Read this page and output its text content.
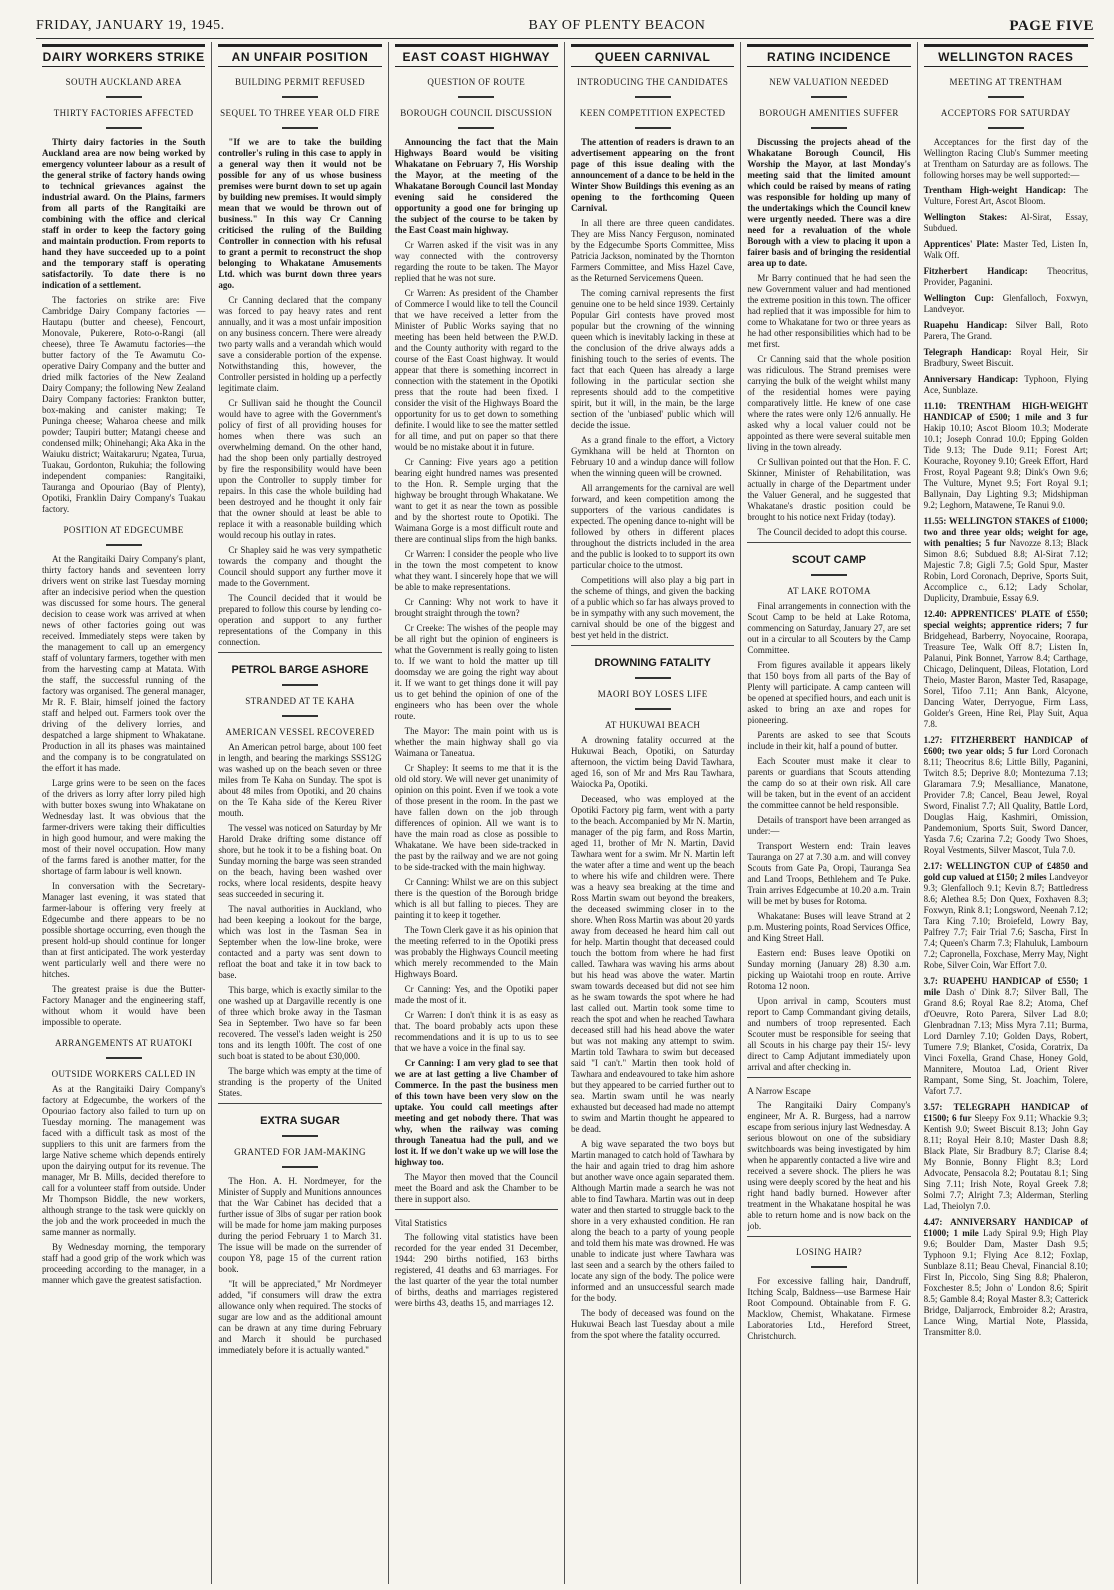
FRIDAY, JANUARY 19, 1945.	BAY OF PLENTY BEACON	PAGE FIVE
DAIRY WORKERS STRIKE
SOUTH AUCKLAND AREA
THIRTY FACTORIES AFFECTED

Thirty dairy factories in the South Auckland area are now being worked by emergency volunteer labour as a result of the general strike of factory hands owing to technical grievances against the industrial award. On the Plains, farmers from all parts of the Rangitaiki are combining with the office and clerical staff in order to keep the factory going and maintain production. From reports to hand they have succeeded up to a point and the temporary staff is operating satisfactorily. To date there is no indication of a settlement.

The factories on strike are: Five Cambridge Dairy Company factories —Hautapu (butter and cheese), Fencourt, Monovale, Pukerere, Roto-o-Rangi (all cheese), three Te Awamutu factories—the butter factory of the Te Awamutu Co-operative Dairy Company and the butter and dried milk factories of the New Zealand Dairy Company; the following New Zealand Dairy Company factories: Frankton butter, box-making and canister making; Te Puninga cheese; Waharoa cheese and milk powder; Taupiri butter; Matangi cheese and condensed milk; Ohinehangi; Aka Aka in the Waiuku district; Waitakaruru; Ngatea, Turua, Tuakau, Gordonton, Rukuhia; the following independent companies: Rangitaiki, Tauranga and Opouriao (Bay of Plenty), Opotiki, Franklin Dairy Company's Tuakau factory.

POSITION AT EDGECUMBE

At the Rangitaiki Dairy Company's plant, thirty factory hands and seventeen lorry drivers went on strike last Tuesday morning after an indecisive period when the question was discussed for some hours. The general decision to cease work was arrived at when news of other factories going out was received. Immediately steps were taken by the management to call up an emergency staff of voluntary farmers, together with men from the harvesting camp at Matata. With the staff, the successful running of the factory was organised. The general manager, Mr R. F. Blair, himself joined the factory staff and helped out. Farmers took over the driving of the delivery lorries, and despatched a large shipment to Whakatane. Production in all its phases was maintained and the company is to be congratulated on the effort it has made.

Large grins were to be seen on the faces of the drivers as lorry after lorry piled high with butter boxes swung into Whakatane on Wednesday last. It was obvious that the farmer-drivers were taking their difficulties in high good humour, and were making the most of their novel occupation. How many of the farms fared is another matter, for the shortage of farm labour is well known.

In conversation with the Secretary-Manager last evening, it was stated that farmer-labour is offering very freely at Edgecumbe and there appears to be no possible shortage occurring, even though the present hold-up should continue for longer than at first anticipated. The work yesterday went particularly well and there were no hitches.

The greatest praise is due the Butter-Factory Manager and the engineering staff, without whom it would have been impossible to operate.

ARRANGEMENTS AT RUATOKI
OUTSIDE WORKERS CALLED IN

As at the Rangitaiki Dairy Company's factory at Edgecumbe, the workers of the Opouriao factory also failed to turn up on Tuesday morning. The management was faced with a difficult task as most of the suppliers to this unit are farmers from the large Native scheme which depends entirely upon the dairying output for its revenue. The manager, Mr B. Mills, decided therefore to call for a volunteer staff from outside. Under Mr Thompson Biddle, the new workers, although strange to the task were quickly on the job and the work proceeded in much the same manner as normally.

By Wednesday morning, the temporary staff had a good grip of the work which was proceeding according to the manager, in a manner which gave the greatest satisfaction.

AN UNFAIR POSITION
BUILDING PERMIT REFUSED
SEQUEL TO THREE YEAR OLD FIRE

"If we are to take the building controller's ruling in this case to apply in a general way then it would not be possible for any of us whose business premises were burnt down to set up again by building new premises. It would simply mean that we would be thrown out of business." In this way Cr Canning criticised the ruling of the Building Controller in connection with his refusal to grant a permit to reconstruct the shop belonging to Whakatane Amusements Ltd. which was burnt down three years ago.

Cr Canning declared that the company was forced to pay heavy rates and rent annually, and it was a most unfair imposition on any business concern. There were already two party walls and a verandah which would save a considerable portion of the expense. Notwithstanding this, however, the Controller persisted in holding up a perfectly legitimate claim.

Cr Sullivan said he thought the Council would have to agree with the Government's policy of first of all providing houses for homes when there was such an overwhelming demand. On the other hand, had the shop been only partially destroyed by fire the responsibility would have been upon the Controller to supply timber for repairs. In this case the whole building had been destroyed and he thought it only fair that the owner should at least be able to replace it with a reasonable building which would recoup his outlay in rates.

Cr Shapley said he was very sympathetic towards the company and thought the Council should support any further move it made to the Government.

The Council decided that it would be prepared to follow this course by lending co-operation and support to any further representations of the Company in this connection.

PETROL BARGE ASHORE
STRANDED AT TE KAHA
AMERICAN VESSEL RECOVERED

An American petrol barge, about 100 feet in length, and bearing the markings SSS12G was washed up on the beach seven or three miles from Te Kaha on Sunday. The spot is about 48 miles from Opotiki, and 20 chains on the Te Kaha side of the Kereu River mouth.

The vessel was noticed on Saturday by Mr Harold Drake drifting some distance off shore, but he took it to be a fishing boat. On Sunday morning the barge was seen stranded on the beach, having been washed over rocks, where local residents, despite heavy seas succeeded in securing it.

The naval authorities in Auckland, who had been keeping a lookout for the barge, which was lost in the Tasman Sea in September when the low-line broke, were contacted and a party was sent down to refloat the boat and take it in tow back to base.

This barge, which is exactly similar to the one washed up at Dargaville recently is one of three which broke away in the Tasman Sea in September. Two have so far been recovered. The vessel's laden weight is 250 tons and its length 100ft. The cost of one such boat is stated to be about £30,000.

The barge which was empty at the time of stranding is the property of the United States.

EXTRA SUGAR
GRANTED FOR JAM-MAKING

The Hon. A. H. Nordmeyer, for the Minister of Supply and Munitions announces that the War Cabinet has decided that a further issue of 3lbs of sugar per ration book will be made for home jam making purposes during the period February 1 to March 31. The issue will be made on the surrender of coupon Y8, page 15 of the current ration book.

"It will be appreciated," Mr Nordmeyer added, "if consumers will draw the extra allowance only when required. The stocks of sugar are low and as the additional amount can be drawn at any time during February and March it should be purchased immediately before it is actually wanted."

EAST COAST HIGHWAY
QUESTION OF ROUTE
BOROUGH COUNCIL DISCUSSION

Announcing the fact that the Main Highways Board would be visiting Whakatane on February 7, His Worship the Mayor, at the meeting of the Whakatane Borough Council last Monday evening said he considered the opportunity a good one for bringing up the subject of the course to be taken by the East Coast main highway.

Cr Warren asked if the visit was in any way connected with the controversy regarding the route to be taken. The Mayor replied that he was not sure.

Cr Warren: As president of the Chamber of Commerce I would like to tell the Council that we have received a letter from the Minister of Public Works saying that no meeting has been held between the P.W.D. and the County authority with regard to the course of the East Coast highway. It would appear that there is something incorrect in connection with the statement in the Opotiki press that the route had been fixed. I consider the visit of the Highways Board the opportunity for us to get down to something definite. I would like to see the matter settled for all time, and put on paper so that there would be no mistake about it in future.

Cr Canning: Five years ago a petition bearing eight hundred names was presented to the Hon. R. Semple urging that the highway be brought through Whakatane. We want to get it as near the town as possible and by the shortest route to Opotiki. The Waimana Gorge is a most difficult route and there are continual slips from the high banks.

Cr Warren: I consider the people who live in the town the most competent to know what they want. I sincerely hope that we will be able to make representations.

Cr Canning: Why not work to have it brought straight through the town?

Cr Creeke: The wishes of the people may be all right but the opinion of engineers is what the Government is really going to listen to. If we want to hold the matter up till doomsday we are going the right way about it. If we want to get things done it will pay us to get behind the opinion of one of the engineers who has been over the whole route.

The Mayor: The main point with us is whether the main highway shall go via Waimana or Taneatua.

Cr Shapley: It seems to me that it is the old old story. We will never get unanimity of opinion on this point. Even if we took a vote of those present in the room. In the past we have fallen down on the job through differences of opinion. All we want is to have the main road as close as possible to Whakatane. We have been side-tracked in the past by the railway and we are not going to be side-tracked with the main highway.

Cr Canning: Whilst we are on this subject there is the question of the Borough bridge which is all but falling to pieces. They are painting it to keep it together.

The Town Clerk gave it as his opinion that the meeting referred to in the Opotiki press was probably the Highways Council meeting which merely recommended to the Main Highways Board.

Cr Canning: Yes, and the Opotiki paper made the most of it.

Cr Warren: I don't think it is as easy as that. The board probably acts upon these recommendations and it is up to us to see that we have a voice in the final say.

Cr Canning: I am very glad to see that we are at last getting a live Chamber of Commerce. In the past the business men of this town have been very slow on the uptake. You could call meetings after meeting and get nobody there. That was why, when the railway was coming through Taneatua had the pull, and we lost it. If we don't wake up we will lose the highway too.

The Mayor then moved that the Council meet the Board and ask the Chamber to be there in support also.

Vital Statistics

The following vital statistics have been recorded for the year ended 31 December, 1944: 290 births notified, 163 births registered, 41 deaths and 63 marriages. For the last quarter of the year the total number of births, deaths and marriages registered were births 43, deaths 15, and marriages 12.

QUEEN CARNIVAL
INTRODUCING THE CANDIDATES
KEEN COMPETITION EXPECTED

The attention of readers is drawn to an advertisement appearing on the front page of this issue dealing with the announcement of a dance to be held in the Winter Show Buildings this evening as an opening to the forthcoming Queen Carnival.

In all there are three queen candidates. They are Miss Nancy Ferguson, nominated by the Edgecumbe Sports Committee, Miss Patricia Jackson, nominated by the Thornton Farmers Committee, and Miss Hazel Cave, as the Returned Servicemens Queen.

The coming carnival represents the first genuine one to be held since 1939. Certainly Popular Girl contests have proved most popular but the crowning of the winning queen which is inevitably lacking in these at the conclusion of the drive always adds a finishing touch to the series of events. The fact that each Queen has already a large following in the particular section she represents should add to the competitive spirit, but it will, in the main, be the large section of the 'unbiased' public which will decide the issue.

As a grand finale to the effort, a Victory Gymkhana will be held at Thornton on February 10 and a windup dance will follow when the winning queen will be crowned.

All arrangements for the carnival are well forward, and keen competition among the supporters of the various candidates is expected. The opening dance to-night will be followed by others in different places throughout the districts included in the area and the public is looked to to support its own particular choice to the utmost.

Competitions will also play a big part in the scheme of things, and given the backing of a public which so far has always proved to be in sympathy with any such movement, the carnival should be one of the biggest and best yet held in the district.

DROWNING FATALITY
MAORI BOY LOSES LIFE
AT HUKUWAI BEACH

A drowning fatality occurred at the Hukuwai Beach, Opotiki, on Saturday afternoon, the victim being David Tawhara, aged 16, son of Mr and Mrs Rau Tawhara, Waiocka Pa, Opotiki.

Deceased, who was employed at the Opotiki Factory pig farm, went with a party to the beach. Accompanied by Mr N. Martin, manager of the pig farm, and Ross Martin, aged 11, brother of Mr N. Martin, David Tawhara went for a swim. Mr N. Martin left the water after a time and went up the beach to where his wife and children were. There was a heavy sea breaking at the time and Ross Martin swam out beyond the breakers, the deceased swimming closer in to the shore. When Ross Martin was about 20 yards away from deceased he heard him call out for help. Martin thought that deceased could touch the bottom from where he had first called. Tawhara was waving his arms about but his head was above the water. Martin swam towards deceased but did not see him as he swam towards the spot where he had last called out. Martin took some time to reach the spot and when he reached Tawhara deceased still had his head above the water but was not making any attempt to swim. Martin told Tawhara to swim but deceased said "I can't." Martin then took hold of Tawhara and endeavoured to take him ashore but they appeared to be carried further out to sea. Martin swam until he was nearly exhausted but deceased had made no attempt to swim and Martin thought he appeared to be dead.

A big wave separated the two boys but Martin managed to catch hold of Tawhara by the hair and again tried to drag him ashore but another wave once again separated them. Although Martin made a search he was not able to find Tawhara. Martin was out in deep water and then started to struggle back to the shore in a very exhausted condition. He ran along the beach to a party of young people and told them his mate was drowned. He was unable to indicate just where Tawhara was last seen and a search by the others failed to locate any sign of the body. The police were informed and an unsuccessful search made for the body.

The body of deceased was found on the Hukuwai Beach last Tuesday about a mile from the spot where the fatality occurred.

RATING INCIDENCE
NEW VALUATION NEEDED
BOROUGH AMENITIES SUFFER

Discussing the projects ahead of the Whakatane Borough Council, His Worship the Mayor, at last Monday's meeting said that the limited amount which could be raised by means of rating was responsible for holding up many of the undertakings which the Council knew were urgently needed. There was a dire need for a revaluation of the whole Borough with a view to placing it upon a fairer basis and of bringing the residential area up to date.

Mr Barry continued that he had seen the new Government valuer and had mentioned the extreme position in this town. The officer had replied that it was impossible for him to come to Whakatane for two or three years as he had other responsibilities which had to be met first.

Cr Canning said that the whole position was ridiculous. The Strand premises were carrying the bulk of the weight whilst many of the residential homes were paying comparatively little. He knew of one case where the rates were only 12/6 annually. He asked why a local valuer could not be appointed as there were several suitable men living in the town already.

Cr Sullivan pointed out that the Hon. F. C. Skinner, Minister of Rehabilitation, was actually in charge of the Department under the Valuer General, and he suggested that Whakatane's drastic position could be brought to his notice next Friday (today).

The Council decided to adopt this course.

SCOUT CAMP
AT LAKE ROTOMA

Final arrangements in connection with the Scout Camp to be held at Lake Rotoma, commencing on Saturday, January 27, are set out in a circular to all Scouters by the Camp Committee.

From figures available it appears likely that 150 boys from all parts of the Bay of Plenty will participate. A camp canteen will be opened at specified hours, and each unit is asked to bring an axe and ropes for pioneering.

Parents are asked to see that Scouts include in their kit, half a pound of butter.

Each Scouter must make it clear to parents or guardians that Scouts attending the camp do so at their own risk. All care will be taken, but in the event of an accident the committee cannot be held responsible.

Details of transport have been arranged as under:—

Transport Western end: Train leaves Tauranga on 27 at 7.30 a.m. and will convey Scouts from Gate Pa, Oropi, Tauranga Sea and Land Troops, Bethlehem and Te Puke. Train arrives Edgecumbe at 10.20 a.m. Train will be met by buses for Rotoma.

Whakatane: Buses will leave Strand at 2 p.m. Mustering points, Road Services Office, and King Street Hall.

Eastern end: Buses leave Opotiki on Sunday morning (January 28) 8.30 a.m. picking up Waiotahi troop en route. Arrive Rotoma 12 noon.

Upon arrival in camp, Scouters must report to Camp Commandant giving details, and numbers of troop represented. Each Scouter must be responsible for seeing that all Scouts in his charge pay their 15/- levy direct to Camp Adjutant immediately upon arrival and after checking in.

A Narrow Escape

The Rangitaiki Dairy Company's engineer, Mr A. R. Burgess, had a narrow escape from serious injury last Wednesday. A serious blowout on one of the subsidiary switchboards was being investigated by him when he apparently contacted a live wire and received a severe shock. The pliers he was using were deeply scored by the heat and his right hand badly burned. However after treatment in the Whakatane hospital he was able to return home and is now back on the job.

LOSING HAIR?

For excessive falling hair, Dandruff, Itching Scalp, Baldness—use Barmese Hair Root Compound. Obtainable from F. G. Macklow, Chemist, Whakatane. Firmese Laboratories Ltd., Hereford Street, Christchurch.

WELLINGTON RACES
MEETING AT TRENTHAM
ACCEPTORS FOR SATURDAY

Acceptances for the first day of the Wellington Racing Club's Summer meeting at Trentham on Saturday are as follows. The following horses may be well supported:—

Trentham High-weight Handicap: The Vulture, Forest Art, Ascot Bloom.

Wellington Stakes: Al-Sirat, Essay, Subdued.

Apprentices' Plate: Master Ted, Listen In, Walk Off.

Fitzherbert Handicap: Theocritus, Provider, Paganini.

Wellington Cup: Glenfalloch, Foxwyn, Landveyor.

Ruapehu Handicap: Silver Ball, Roto Parera, The Grand.

Telegraph Handicap: Royal Heir, Sir Bradbury, Sweet Biscuit.

Anniversary Handicap: Typhoon, Flying Ace, Sunblaze.

11.10: TRENTHAM HIGH-WEIGHT HANDICAP of £500; 1 mile and 3 fur Hakip 10.10; Ascot Bloom 10.3; Moderate 10.1; Joseph Conrad 10.0; Epping Golden Tide 9.13; The Dude 9.11; Forest Art; Kourache, Royoney 9.10; Greek Effort, Hard Frost, Royal Pageant 9.8; Dink's Own 9.6; The Vulture, Mynet 9.5; Fort Royal 9.1; Ballynain, Day Lighting 9.3; Midshipman 9.2; Leghorn, Matawene, Te Ranui 9.0.

11.55: WELLINGTON STAKES of £1000; two and three year olds; weight for age, with penalties; 5 fur Navozze 8.13; Black Simon 8.6; Subdued 8.8; Al-Sirat 7.12; Majestic 7.8; Gigli 7.5; Gold Spur, Master Robin, Lord Coronach, Deprive, Sports Suit, Accomplice c., 6.12; Lady Scholar, Duplicity, Drambuie, Essay 6.9.

12.40: APPRENTICES' PLATE of £550; special weights; apprentice riders; 7 fur Bridgehead, Barberry, Noyocaine, Roorapa, Treasure Tee, Walk Off 8.7; Listen In, Palanui, Pink Bonnet, Yarrow 8.4; Carthage, Chicago, Delinquent, Dileas, Flotation, Lord Theio, Master Baron, Master Ted, Rasapage, Sorel, Tifoo 7.11; Ann Bank, Alcyone, Dancing Water, Derryogue, Firm Lass, Golder's Green, Hine Rei, Play Suit, Aqua 7.8.

1.27: FITZHERBERT HANDICAP of £600; two year olds; 5 fur Lord Coronach 8.11; Theocritus 8.6; Little Billy, Paganini, Twitch 8.5; Deprive 8.0; Montezuma 7.13; Glaramara 7.9; Mesalliance, Manatone, Provider 7.8; Cancel, Beau Jewel, Royal Sword, Finalist 7.7; All Quality, Battle Lord, Douglas Haig, Kashmiri, Omission, Pandemonium, Sports Suit, Sword Dancer, Yasda 7.6; Czarina 7.2; Goody Two Shoes, Royal Vestments, Silver Mascot, Tula 7.0.

2.17: WELLINGTON CUP of £4850 and gold cup valued at £150; 2 miles Landveyor 9.3; Glenfalloch 9.1; Kevin 8.7; Battledress 8.6; Alethea 8.5; Don Quex, Foxhaven 8.3; Foxwyn, Rink 8.1; Longsword, Neenah 7.12; Tara King 7.10; Broiefeld, Lowry Bay, Palfrey 7.7; Fair Trial 7.6; Sascha, First In 7.4; Queen's Charm 7.3; Flahuluk, Lambourn 7.2; Capronella, Foxchase, Merry May, Night Robe, Silver Coin, War Effort 7.0.

3.7: RUAPEHU HANDICAP of £550; 1 mile Dash o' Dink 8.7; Silver Ball, The Grand 8.6; Royal Rae 8.2; Atoma, Chef d'Oeuvre, Roto Parera, Silver Lad 8.0; Glenbradnan 7.13; Miss Myra 7.11; Burma, Lord Darnley 7.10; Golden Days, Robert, Tumere 7.9; Blanket, C'osida, Coratrix, Da Vinci Foxella, Grand Chase, Honey Gold, Mannitere, Moutoa Lad, Orient River Rampant, Some Sing, St. Joachim, Tolere, Vafort 7.7.

3.57: TELEGRAPH HANDICAP of £1500; 6 fur Sleepy Fox 9.11; Whackie 9.3; Kentish 9.0; Sweet Biscuit 8.13; John Gay 8.11; Royal Heir 8.10; Master Dash 8.8; Black Plate, Sir Bradbury 8.7; Clarise 8.4; My Bonnie, Bonny Flight 8.3; Lord Advocate, Pensacola 8.2; Poutatau 8.1; Sing Sing 7.11; Irish Note, Royal Greek 7.8; Solmi 7.7; Alright 7.3; Alderman, Sterling Lad, Theiolyn 7.0.

4.47: ANNIVERSARY HANDICAP of £1000; 1 mile Lady Spiral 9.9; High Play 9.6; Boulder Dam, Master Dash 9.5; Typhoon 9.1; Flying Ace 8.12; Foxlap, Sunblaze 8.11; Beau Cheval, Financial 8.10; First In, Piccolo, Sing Sing 8.8; Phaleron, Foxchester 8.5; John o' London 8.6; Spirit 8.5; Gamble 8.4; Royal Master 8.3; Catterick Bridge, Daljarrock, Embroider 8.2; Arastra, Lance Wing, Martial Note, Plassida, Transmitter 8.0.
